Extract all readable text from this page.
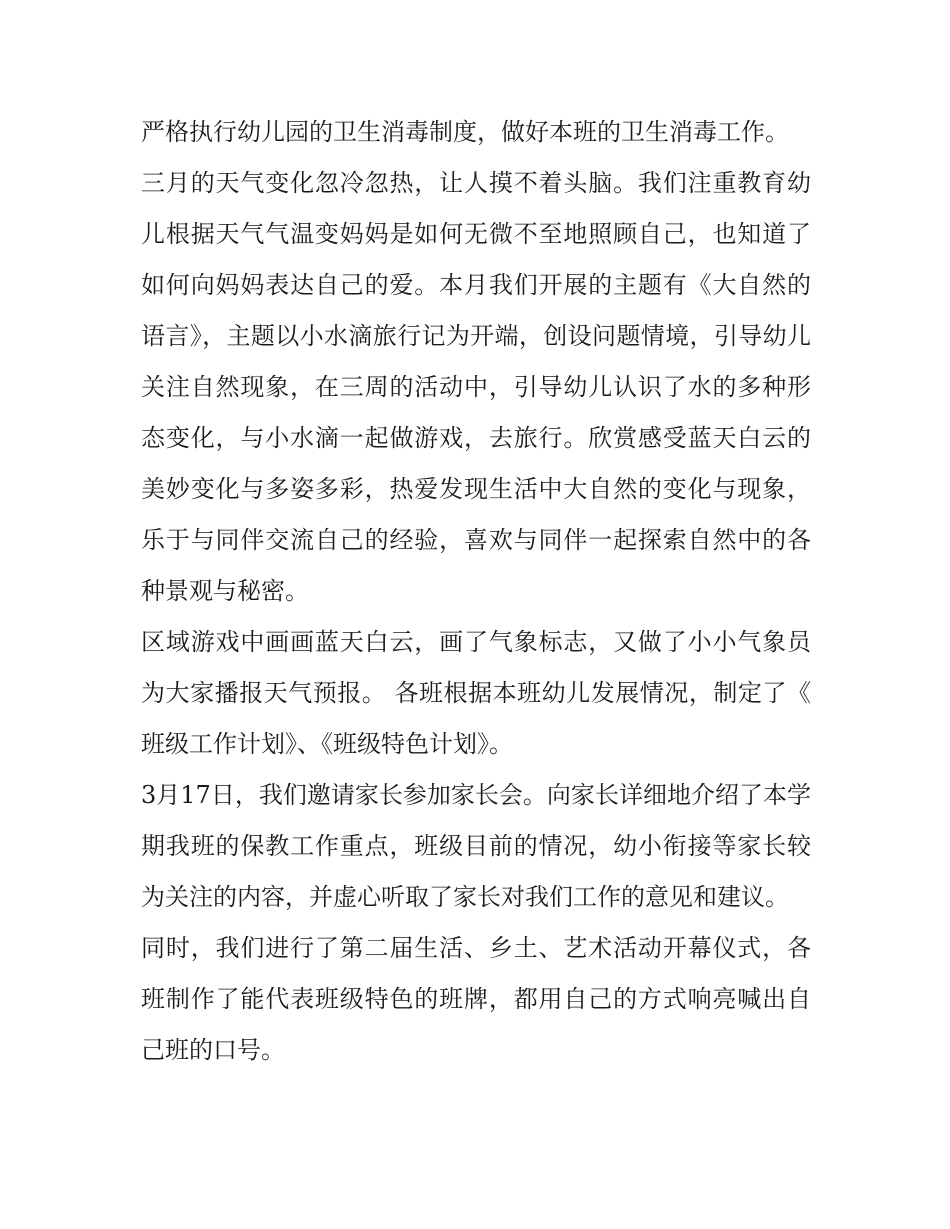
严格执行幼儿园的卫生消毒制度，做好本班的卫生消毒工作。

三月的天气变化忽冷忽热，让人摸不着头脑。我们注重教育幼儿根据天气气温变妈妈是如何无微不至地照顾自己，也知道了如何向妈妈表达自己的爱。本月我们开展的主题有《大自然的语言》，主题以小水滴旅行记为开端，创设问题情境，引导幼儿关注自然现象，在三周的活动中，引导幼儿认识了水的多种形态变化，与小水滴一起做游戏，去旅行。欣赏感受蓝天白云的美妙变化与多姿多彩，热爱发现生活中大自然的变化与现象，乐于与同伴交流自己的经验，喜欢与同伴一起探索自然中的各种景观与秘密。

区域游戏中画画蓝天白云，画了气象标志，又做了小小气象员为大家播报天气预报。 各班根据本班幼儿发展情况，制定了《班级工作计划》、《班级特色计划》。

3月17日，我们邀请家长参加家长会。向家长详细地介绍了本学期我班的保教工作重点，班级目前的情况，幼小衔接等家长较为关注的内容，并虚心听取了家长对我们工作的意见和建议。

同时，我们进行了第二届生活、乡土、艺术活动开幕仪式，各班制作了能代表班级特色的班牌，都用自己的方式响亮喊出自己班的口号。
